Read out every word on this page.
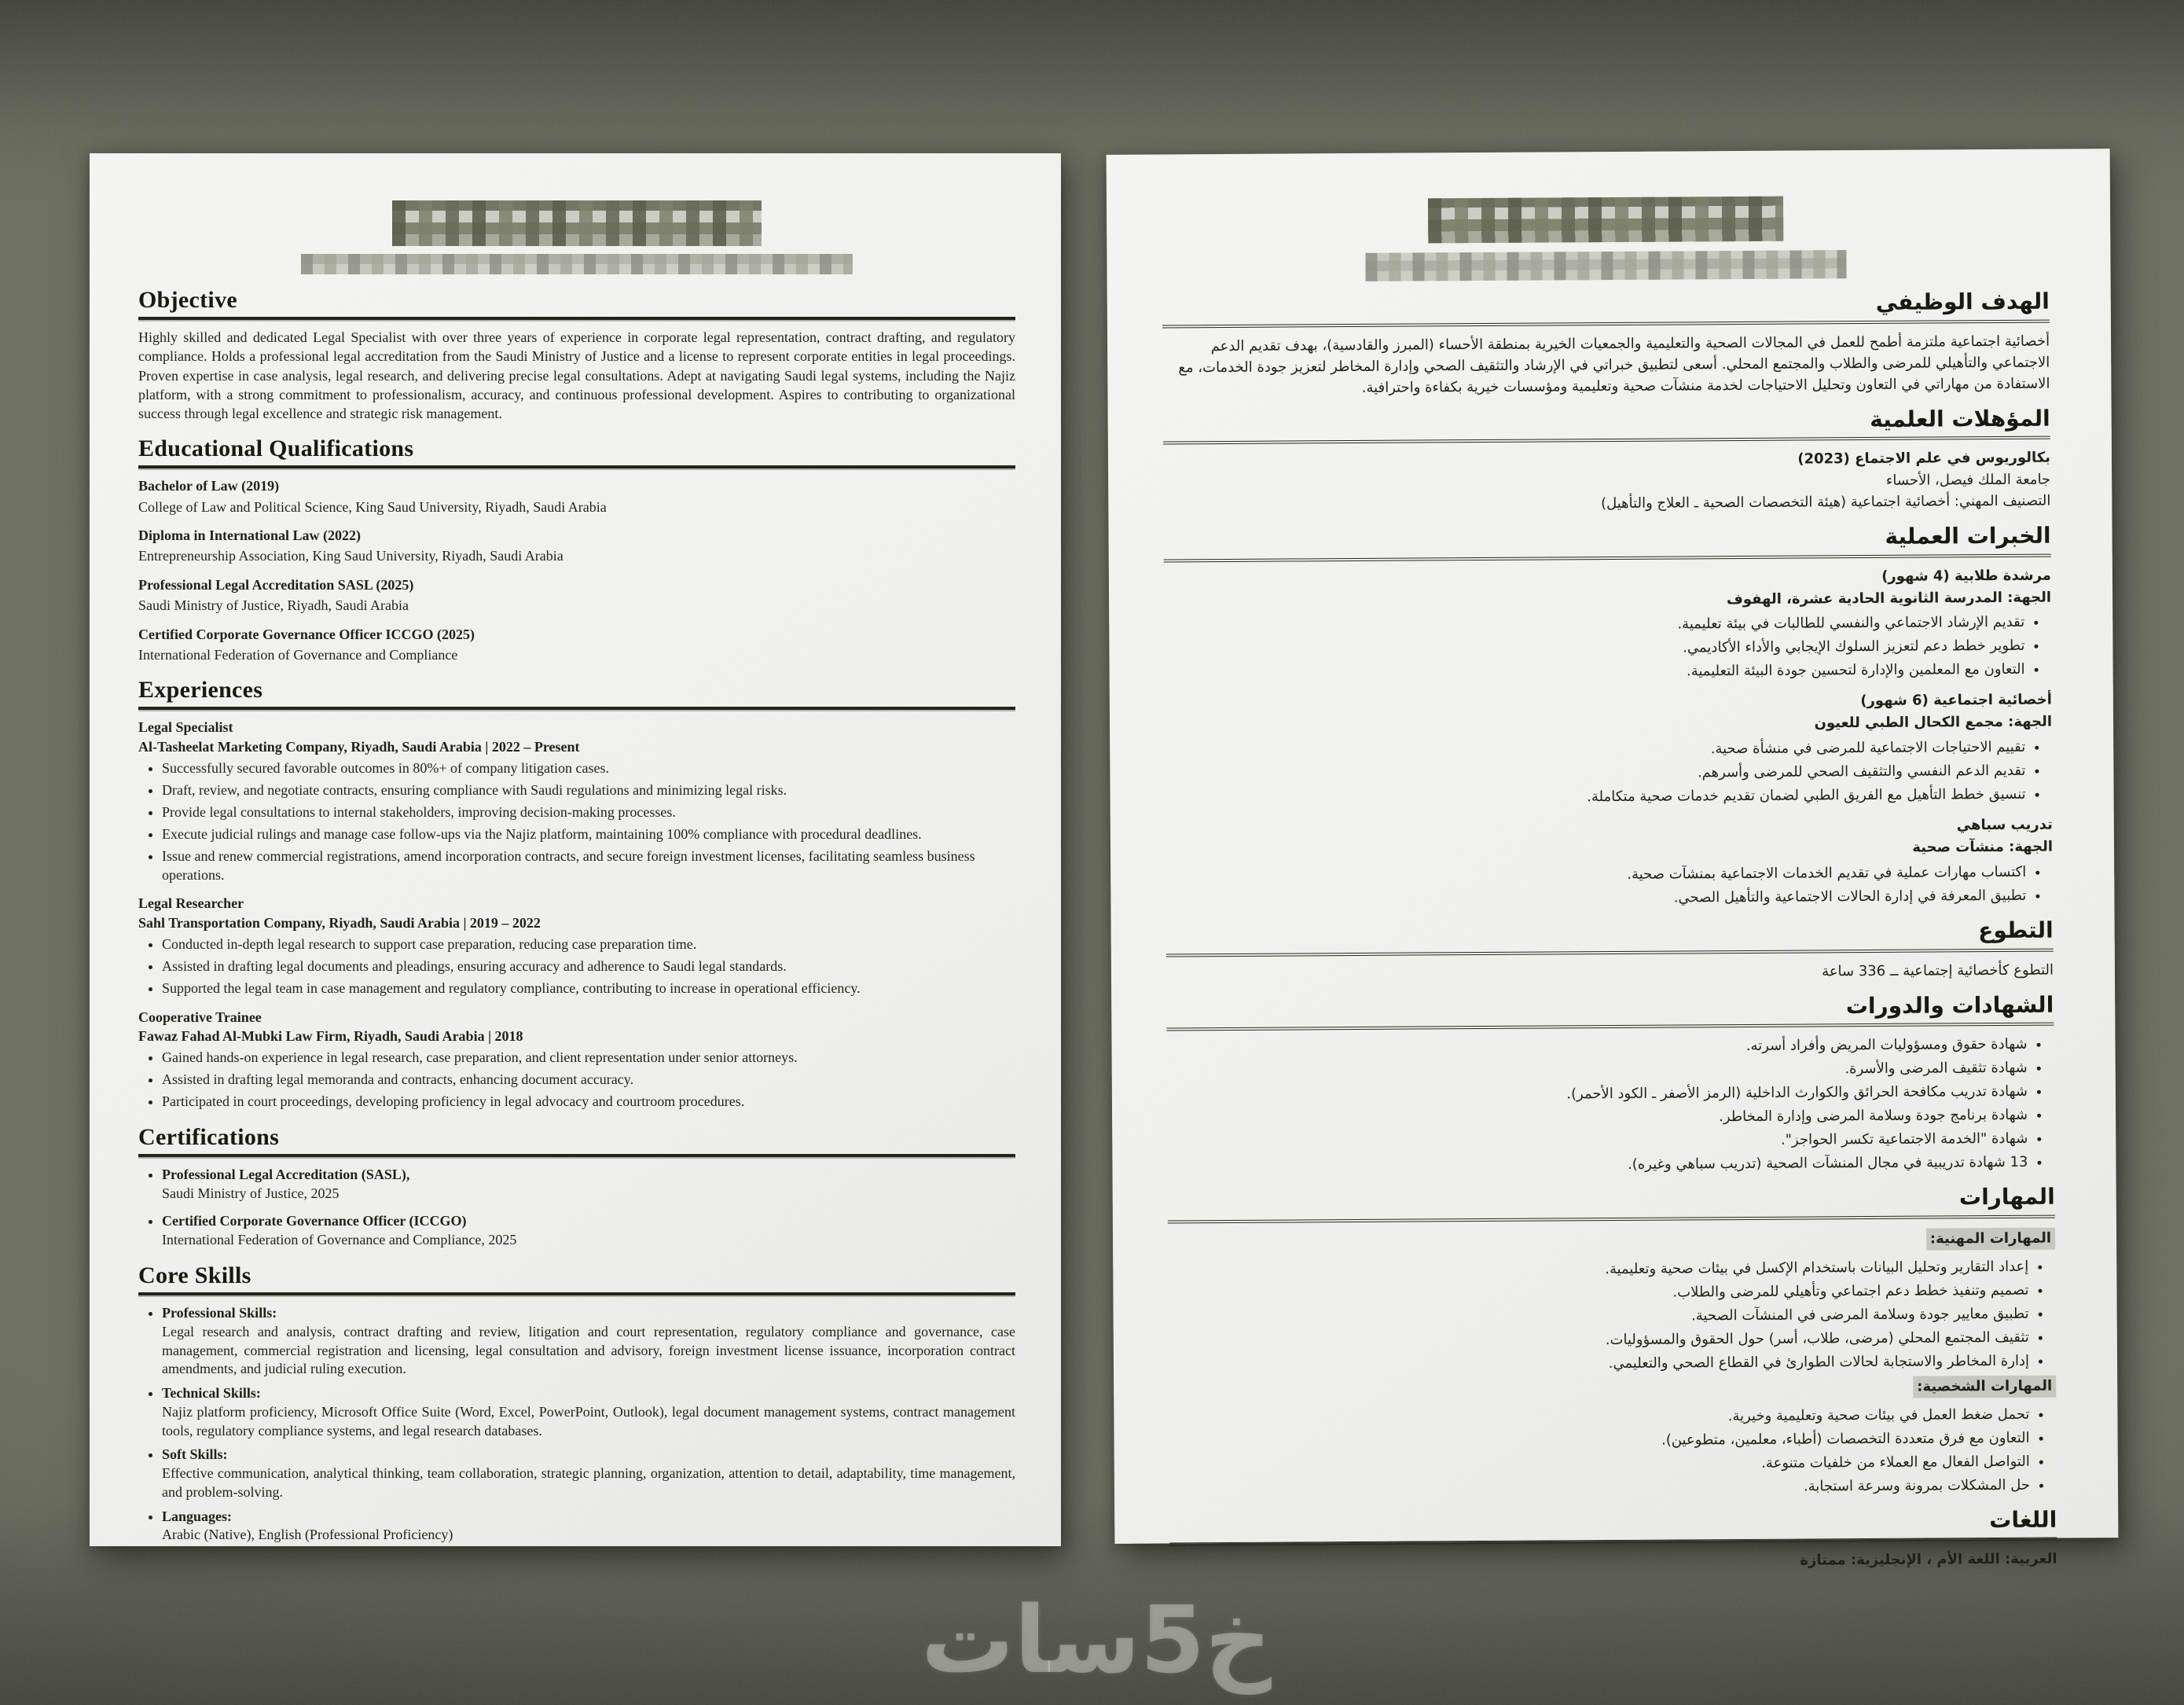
Objective

Highly skilled and dedicated Legal Specialist with over three years of experience in corporate legal representation, contract drafting, and regulatory compliance. Holds a professional legal accreditation from the Saudi Ministry of Justice and a license to represent corporate entities in legal proceedings. Proven expertise in case analysis, legal research, and delivering precise legal consultations. Adept at navigating Saudi legal systems, including the Najiz platform, with a strong commitment to professionalism, accuracy, and continuous professional development. Aspires to contributing to organizational success through legal excellence and strategic risk management.

Educational Qualifications
Bachelor of Law (2019)
College of Law and Political Science, King Saud University, Riyadh, Saudi Arabia
Diploma in International Law (2022)
Entrepreneurship Association, King Saud University, Riyadh, Saudi Arabia
Professional Legal Accreditation SASL (2025)
Saudi Ministry of Justice, Riyadh, Saudi Arabia
Certified Corporate Governance Officer ICCGO (2025)
International Federation of Governance and Compliance
Experiences
Legal Specialist
Al-Tasheelat Marketing Company, Riyadh, Saudi Arabia | 2022 – Present
• Successfully secured favorable outcomes in 80%+ of company litigation cases.
• Draft, review, and negotiate contracts, ensuring compliance with Saudi regulations and minimizing legal risks.
• Provide legal consultations to internal stakeholders, improving decision-making processes.
• Execute judicial rulings and manage case follow-ups via the Najiz platform, maintaining 100% compliance with procedural deadlines.
• Issue and renew commercial registrations, amend incorporation contracts, and secure foreign investment licenses, facilitating seamless business operations.
Legal Researcher
Sahl Transportation Company, Riyadh, Saudi Arabia | 2019 – 2022
• Conducted in-depth legal research to support case preparation, reducing case preparation time.
• Assisted in drafting legal documents and pleadings, ensuring accuracy and adherence to Saudi legal standards.
• Supported the legal team in case management and regulatory compliance, contributing to increase in operational efficiency.
Cooperative Trainee
Fawaz Fahad Al-Mubki Law Firm, Riyadh, Saudi Arabia | 2018
• Gained hands-on experience in legal research, case preparation, and client representation under senior attorneys.
• Assisted in drafting legal memoranda and contracts, enhancing document accuracy.
• Participated in court proceedings, developing proficiency in legal advocacy and courtroom procedures.
Certifications
• Professional Legal Accreditation (SASL),
Saudi Ministry of Justice, 2025
• Certified Corporate Governance Officer (ICCGO)
International Federation of Governance and Compliance, 2025
Core Skills
• Professional Skills:
Legal research and analysis, contract drafting and review, litigation and court representation, regulatory compliance and governance, case management, commercial registration and licensing, legal consultation and advisory, foreign investment license issuance, incorporation contract amendments, and judicial ruling execution.
• Technical Skills:
Najiz platform proficiency, Microsoft Office Suite (Word, Excel, PowerPoint, Outlook), legal document management systems, contract management tools, regulatory compliance systems, and legal research databases.
• Soft Skills:
Effective communication, analytical thinking, team collaboration, strategic planning, organization, attention to detail, adaptability, time management, and problem-solving.
• Languages:
Arabic (Native), English (Professional Proficiency)
الهدف الوظيفي

أخصائية اجتماعية ملتزمة أطمح للعمل في المجالات الصحية والتعليمية والجمعيات الخيرية بمنطقة الأحساء (المبرز والقادسية)، بهدف تقديم الدعم الاجتماعي والتأهيلي للمرضى والطلاب والمجتمع المحلي. أسعى لتطبيق خبراتي في الإرشاد والتثقيف الصحي وإدارة المخاطر لتعزيز جودة الخدمات، مع الاستفادة من مهاراتي في التعاون وتحليل الاحتياجات لخدمة منشآت صحية وتعليمية ومؤسسات خيرية بكفاءة واحترافية.

المؤهلات العلمية
بكالوريوس في علم الاجتماع (2023)
جامعة الملك فيصل، الأحساء
التصنيف المهني: أخصائية اجتماعية (هيئة التخصصات الصحية ـ العلاج والتأهيل)
الخبرات العملية
مرشدة طلابية (4 شهور)
الجهة: المدرسة الثانوية الحادية عشرة، الهفوف
• تقديم الإرشاد الاجتماعي والنفسي للطالبات في بيئة تعليمية.
• تطوير خطط دعم لتعزيز السلوك الإيجابي والأداء الأكاديمي.
• التعاون مع المعلمين والإدارة لتحسين جودة البيئة التعليمية.
أخصائية اجتماعية (6 شهور)
الجهة: مجمع الكحال الطبي للعيون
• تقييم الاحتياجات الاجتماعية للمرضى في منشأة صحية.
• تقديم الدعم النفسي والتثقيف الصحي للمرضى وأسرهم.
• تنسيق خطط التأهيل مع الفريق الطبي لضمان تقديم خدمات صحية متكاملة.
تدريب سباهي
الجهة: منشآت صحية
• اكتساب مهارات عملية في تقديم الخدمات الاجتماعية بمنشآت صحية.
• تطبيق المعرفة في إدارة الحالات الاجتماعية والتأهيل الصحي.
التطوع
التطوع كأخصائية إجتماعية ــ 336 ساعة
الشهادات والدورات
• شهادة حقوق ومسؤوليات المريض وأفراد أسرته.
• شهادة تثقيف المرضى والأسرة.
• شهادة تدريب مكافحة الحرائق والكوارث الداخلية (الرمز الأصفر ـ الكود الأحمر).
• شهادة برنامج جودة وسلامة المرضى وإدارة المخاطر.
• شهادة "الخدمة الاجتماعية تكسر الحواجز".
• 13 شهادة تدريبية في مجال المنشآت الصحية (تدريب سباهي وغيره).
المهارات
المهارات المهنية:
• إعداد التقارير وتحليل البيانات باستخدام الإكسل في بيئات صحية وتعليمية.
• تصميم وتنفيذ خطط دعم اجتماعي وتأهيلي للمرضى والطلاب.
• تطبيق معايير جودة وسلامة المرضى في المنشآت الصحية.
• تثقيف المجتمع المحلي (مرضى، طلاب، أسر) حول الحقوق والمسؤوليات.
• إدارة المخاطر والاستجابة لحالات الطوارئ في القطاع الصحي والتعليمي.
المهارات الشخصية:
• تحمل ضغط العمل في بيئات صحية وتعليمية وخيرية.
• التعاون مع فرق متعددة التخصصات (أطباء، معلمين، متطوعين).
• التواصل الفعال مع العملاء من خلفيات متنوعة.
• حل المشكلات بمرونة وسرعة استجابة.
اللغات
العربية: اللغة الأم ، الإنجليزية: ممتازة
خ5سات
